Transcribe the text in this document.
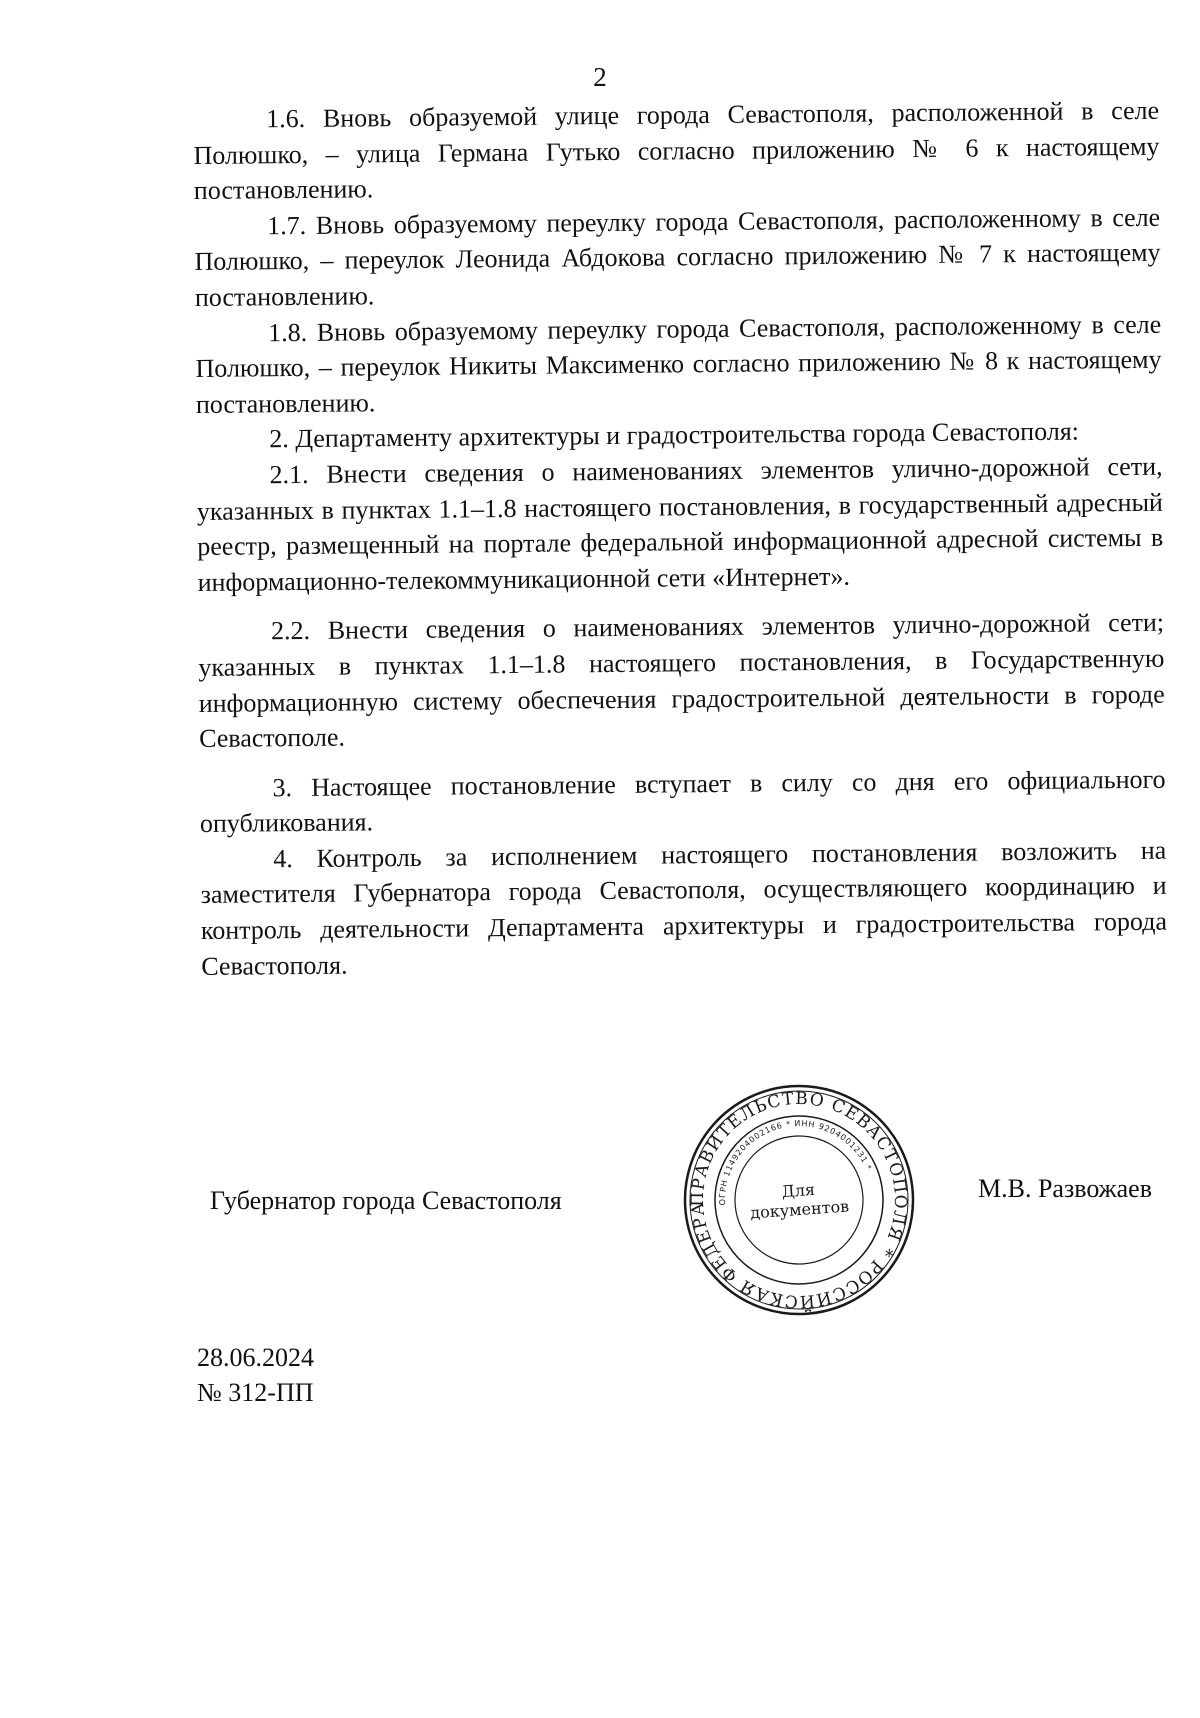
2

1.6. Вновь образуемой улице города Севастополя, расположенной в селе Полюшко, – улица Германа Гутько согласно приложению № 6 к настоящему постановлению.

1.7. Вновь образуемому переулку города Севастополя, расположенному в селе Полюшко, – переулок Леонида Абдокова согласно приложению № 7 к настоящему постановлению.

1.8. Вновь образуемому переулку города Севастополя, расположенному в селе Полюшко, – переулок Никиты Максименко согласно приложению № 8 к настоящему постановлению.

2. Департаменту архитектуры и градостроительства города Севастополя:

2.1. Внести сведения о наименованиях элементов улично-дорожной сети, указанных в пунктах 1.1–1.8 настоящего постановления, в государственный адресный реестр, размещенный на портале федеральной информационной адресной системы в информационно-телекоммуникационной сети «Интернет».

2.2. Внести сведения о наименованиях элементов улично-дорожной сети; указанных в пунктах 1.1–1.8 настоящего постановления, в Государственную информационную систему обеспечения градостроительной деятельности в городе Севастополе.

3. Настоящее постановление вступает в силу со дня его официального опубликования.

4. Контроль за исполнением настоящего постановления возложить на заместителя Губернатора города Севастополя, осуществляющего координацию и контроль деятельности Департамента архитектуры и градостроительства города Севастополя.

Губернатор города Севастополя	ПРАВИТЕЛЬСТВО СЕВАСТОПОЛЯ * РОССИЙСКАЯ ФЕДЕРАЦИЯ *
ОГРН 1149204002166 * ИНН 9204001231 *
Для
документов
М.В. Развожаев
28.06.2024
№ 312-ПП
